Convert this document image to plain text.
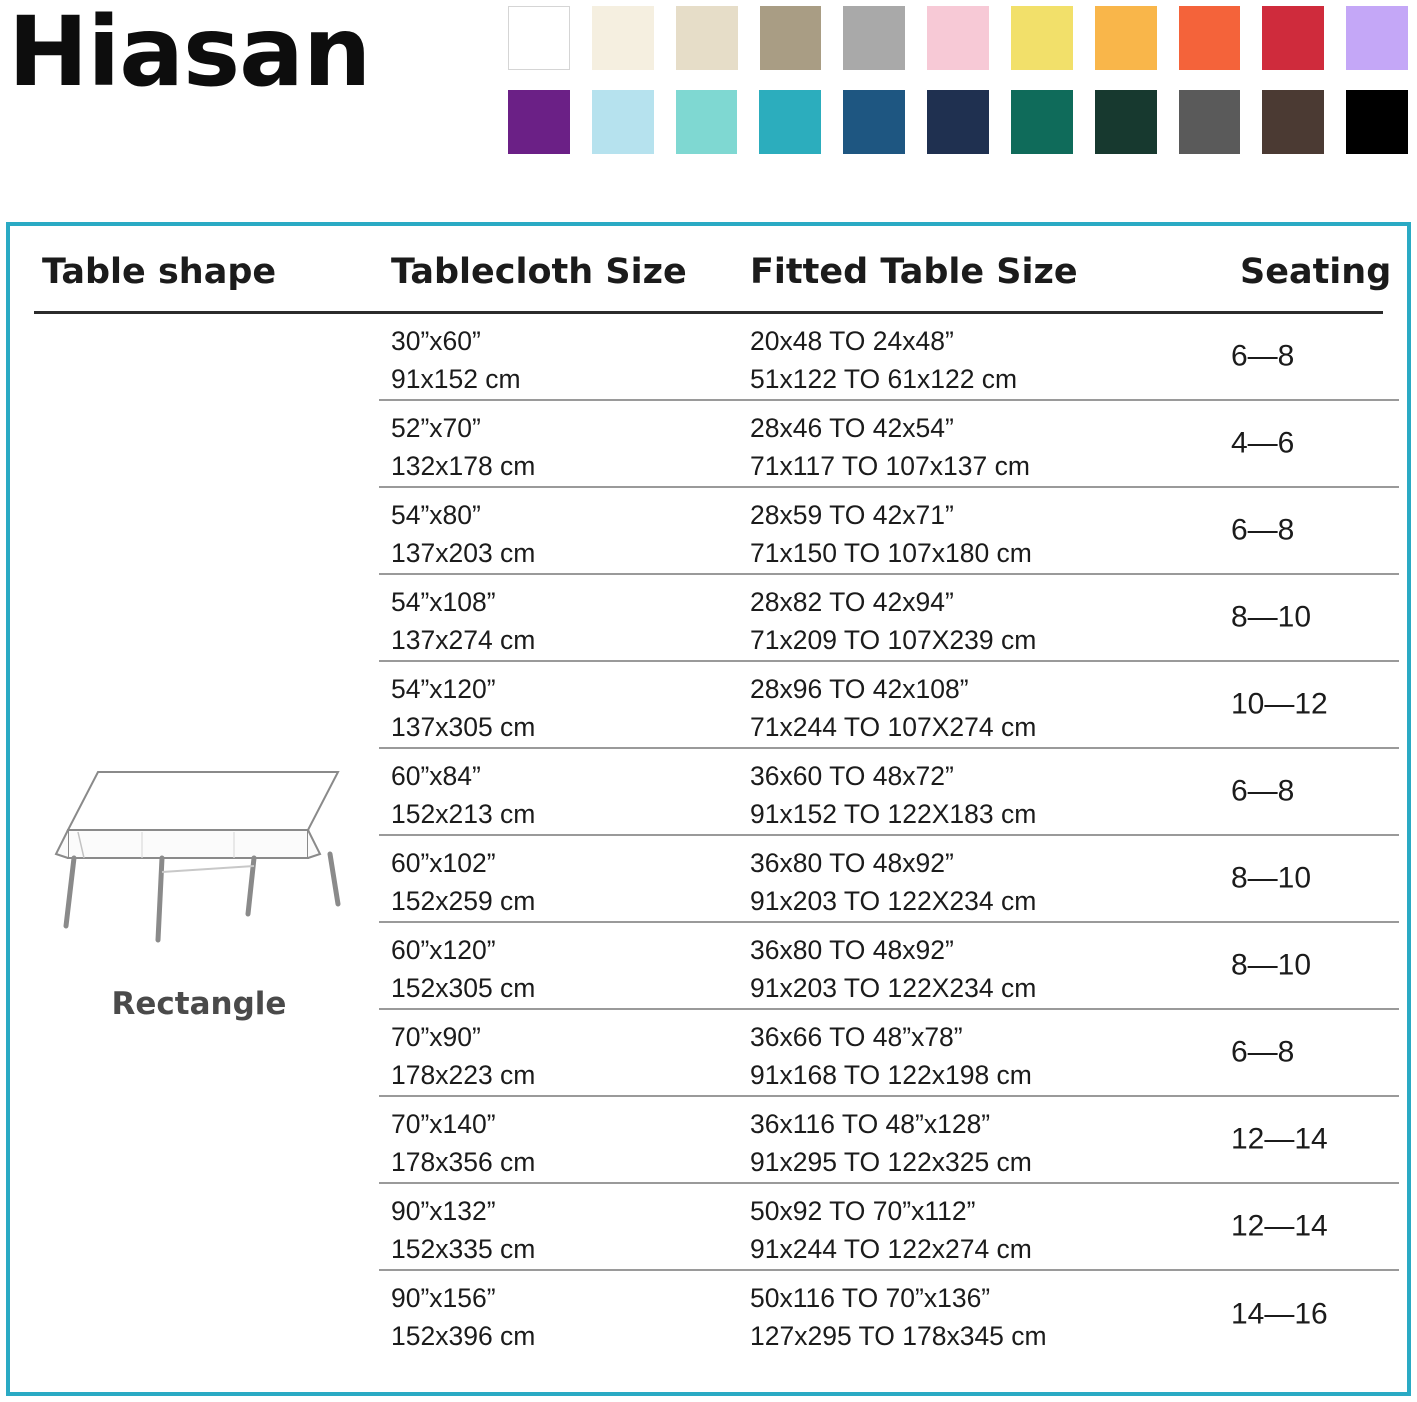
Hiasan
Table shape	Tablecloth Size Fitted Table Size	Seating
Rectangle
30”x60”
91x152 cm
20x48 TO 24x48”
51x122 TO 61x122 cm
6—8
52”x70”
132x178 cm
28x46 TO 42x54”
71x117 TO 107x137 cm
4—6
54”x80”
137x203 cm
28x59 TO 42x71”
71x150 TO 107x180 cm
6—8
54”x108”
137x274 cm
28x82 TO 42x94”
71x209 TO 107X239 cm
8—10
54”x120”
137x305 cm
28x96 TO 42x108”
71x244 TO 107X274 cm
10—12
60”x84”
152x213 cm
36x60 TO 48x72”
91x152 TO 122X183 cm
6—8
60”x102”
152x259 cm
36x80 TO 48x92”
91x203 TO 122X234 cm
8—10
60”x120”
152x305 cm
36x80 TO 48x92”
91x203 TO 122X234 cm
8—10
70”x90”
178x223 cm
36x66 TO 48”x78”
91x168 TO 122x198 cm
6—8
70”x140”
178x356 cm
36x116 TO 48”x128”
91x295 TO 122x325 cm
12—14
90”x132”
152x335 cm
50x92 TO 70”x112”
91x244 TO 122x274 cm
12—14
90”x156”
152x396 cm
50x116 TO 70”x136”
127x295 TO 178x345 cm
14—16
